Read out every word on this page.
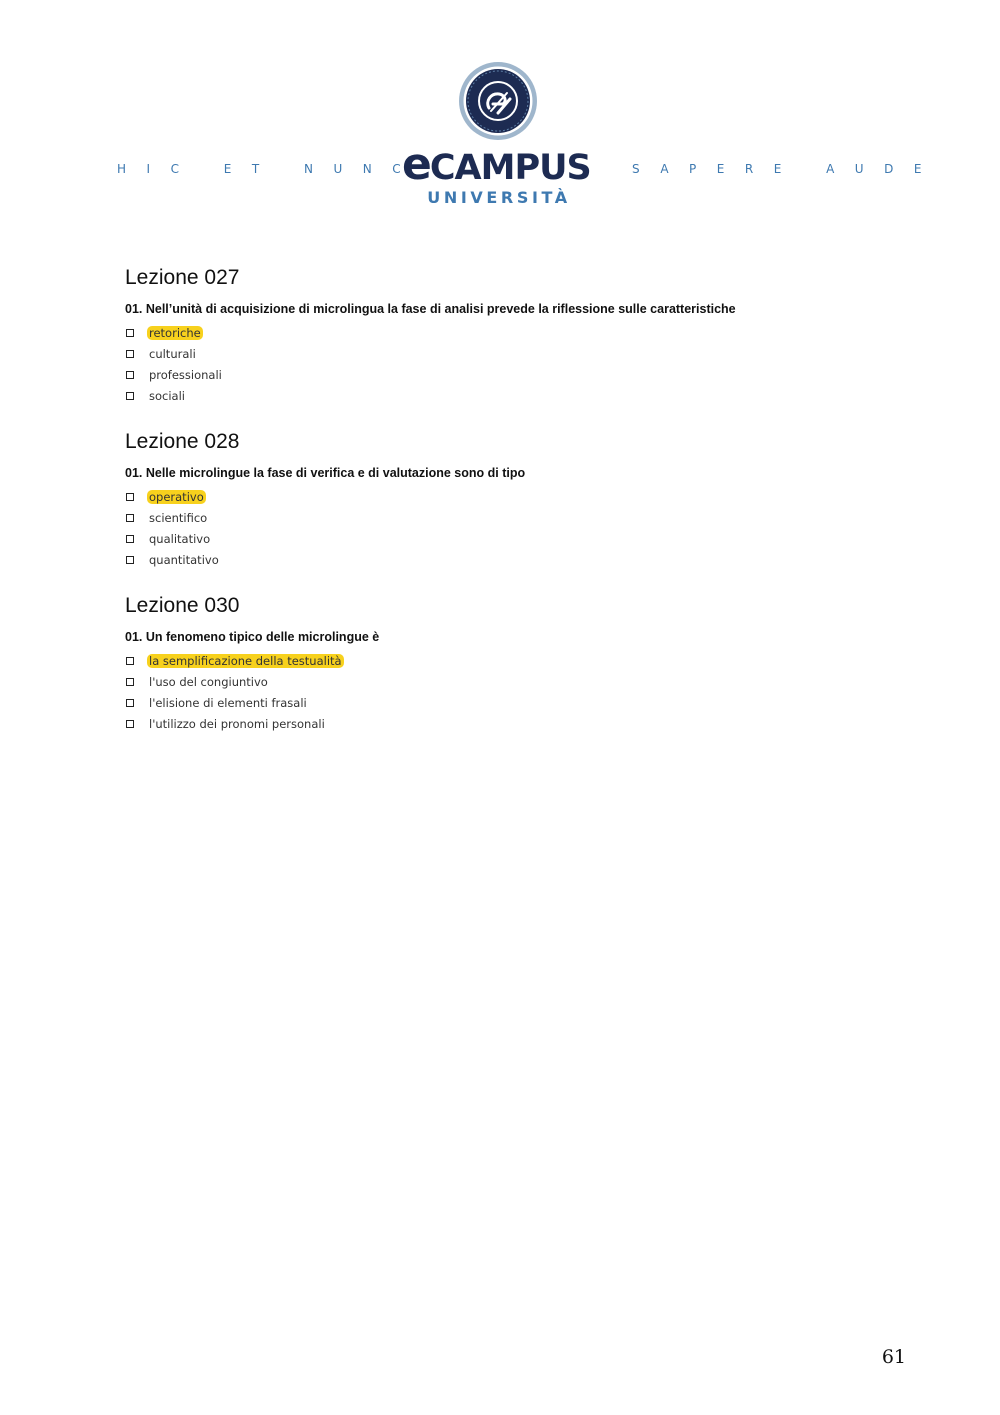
HIC ET NUNC
eCAMPUS
UNIVERSITÀ
SAPERE AUDE
Lezione 027

01. Nell’unità di acquisizione di microlingua la fase di analisi prevede la riflessione sulle caratteristiche

retoriche
culturali
professionali
sociali
Lezione 028

01. Nelle microlingue la fase di verifica e di valutazione sono di tipo

operativo
scientifico
qualitativo
quantitativo
Lezione 030

01. Un fenomeno tipico delle microlingue è

la semplificazione della testualità
l'uso del congiuntivo
l'elisione di elementi frasali
l'utilizzo dei pronomi personali
61
